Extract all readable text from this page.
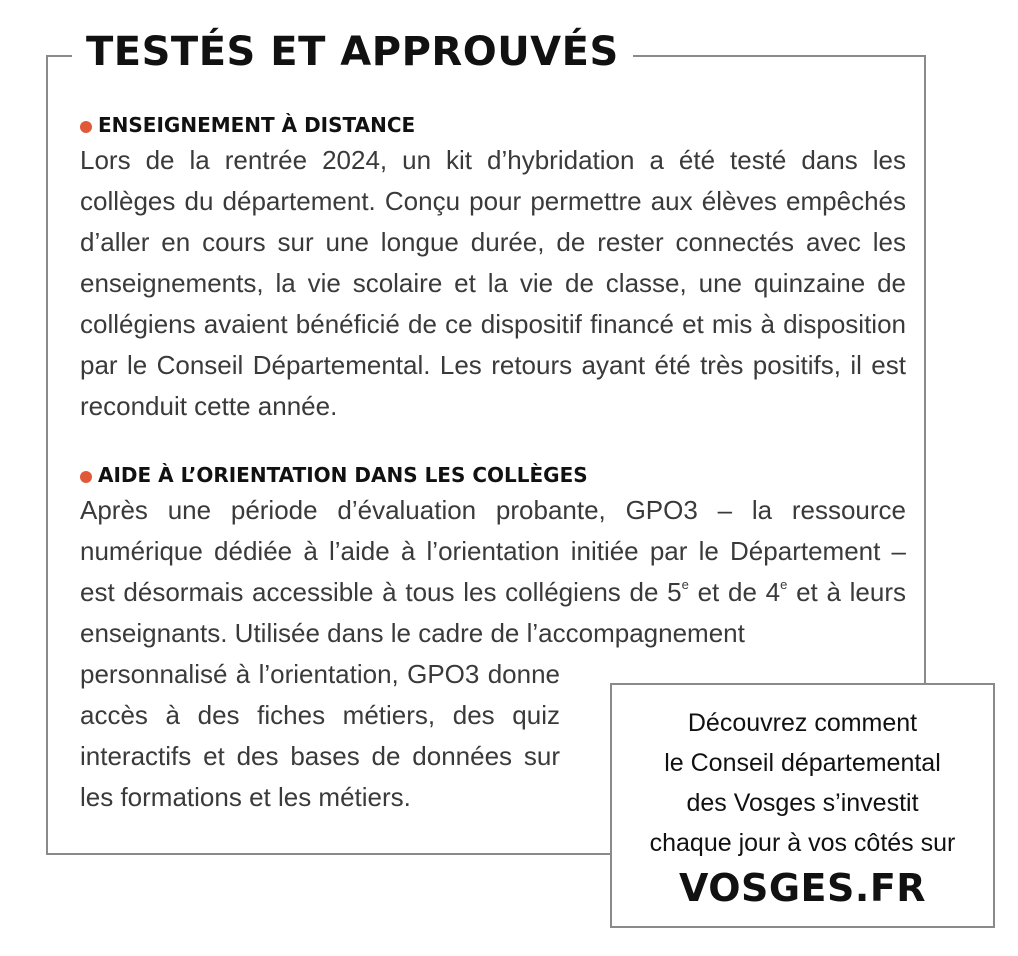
TESTÉS ET APPROUVÉS
ENSEIGNEMENT À DISTANCE

Lors de la rentrée 2024, un kit d’hybridation a été testé dans les collèges du département. Conçu pour permettre aux élèves empêchés d’aller en cours sur une longue durée, de rester connectés avec les enseignements, la vie scolaire et la vie de classe, une quinzaine de collégiens avaient bénéficié de ce dispositif financé et mis à disposition par le Conseil Départemental. Les retours ayant été très positifs, il est reconduit cette année.

AIDE À L’ORIENTATION DANS LES COLLÈGES

Après une période d’évaluation probante, GPO3 – la ressource numérique dédiée à l’aide à l’orientation initiée par le Département – est désormais accessible à tous les collégiens de 5e et de 4e et à leurs enseignants. Utilisée dans le cadre de l’accompagnement

personnalisé à l’orientation, GPO3 donne accès à des fiches métiers, des quiz interactifs et des bases de données sur les formations et les métiers.

Découvrez comment
le Conseil départemental
des Vosges s’investit
chaque jour à vos côtés sur
VOSGES.FR
